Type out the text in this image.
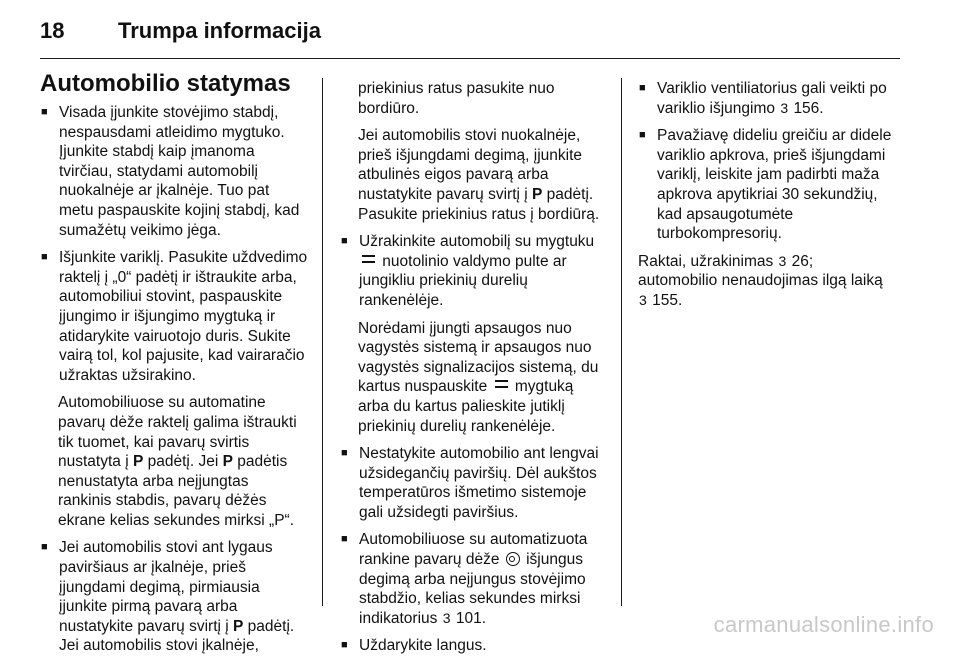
18 Trumpa informacija
Automobilio statymas
■ Visada įjunkite stovėjimo stabdį,
nespausdami atleidimo mygtuko.
Įjunkite stabdį kaip įmanoma
tvirčiau, statydami automobilį
nuokalnėje ar įkalnėje. Tuo pat
metu paspauskite kojinį stabdį, kad
sumažėtų veikimo jėga.
■ Išjunkite variklį. Pasukite uždvedimo
raktelį į „0“ padėtį ir ištraukite arba,
automobiliui stovint, paspauskite
įjungimo ir išjungimo mygtuką ir
atidarykite vairuotojo duris. Sukite
vairą tol, kol pajusite, kad vairaračio
užraktas užsirakino.
Automobiliuose su automatine
pavarų dėže raktelį galima ištraukti
tik tuomet, kai pavarų svirtis
nustatyta į P padėtį. Jei P padėtis
nenustatyta arba neįjungtas
rankinis stabdis, pavarų dėžės
ekrane kelias sekundes mirksi „P“.
■ Jei automobilis stovi ant lygaus
paviršiaus ar įkalnėje, prieš
įjungdami degimą, pirmiausia
įjunkite pirmą pavarą arba
nustatykite pavarų svirtį į P padėtį.
Jei automobilis stovi įkalnėje,
priekinius ratus pasukite nuo
bordiūro.
Jei automobilis stovi nuokalnėje,
prieš išjungdami degimą, įjunkite
atbulinės eigos pavarą arba
nustatykite pavarų svirtį į P padėtį.
Pasukite priekinius ratus į bordiūrą.
■ Užrakinkite automobilį su mygtuku
nuotolinio valdymo pulte ar
jungikliu priekinių durelių
rankenėlėje.
Norėdami įjungti apsaugos nuo
vagystės sistemą ir apsaugos nuo
vagystės signalizacijos sistemą, du
kartus nuspauskite  mygtuką
arba du kartus palieskite jutiklį
priekinių durelių rankenėlėje.
■ Nestatykite automobilio ant lengvai
užsidegančių paviršių. Dėl aukštos
temperatūros išmetimo sistemoje
gali užsidegti paviršius.
■ Automobiliuose su automatizuota
rankine pavarų dėže  išjungus
degimą arba neįjungus stovėjimo
stabdžio, kelias sekundes mirksi
indikatorius 3 101.
■ Uždarykite langus.
■ Variklio ventiliatorius gali veikti po
variklio išjungimo 3 156.
■ Pavažiavę dideliu greičiu ar didele
variklio apkrova, prieš išjungdami
variklį, leiskite jam padirbti maža
apkrova apytikriai 30 sekundžių,
kad apsaugotumėte
turbokompresorių.
Raktai, užrakinimas 3 26;
automobilio nenaudojimas ilgą laiką
3 155.
carmanualsonline.info
